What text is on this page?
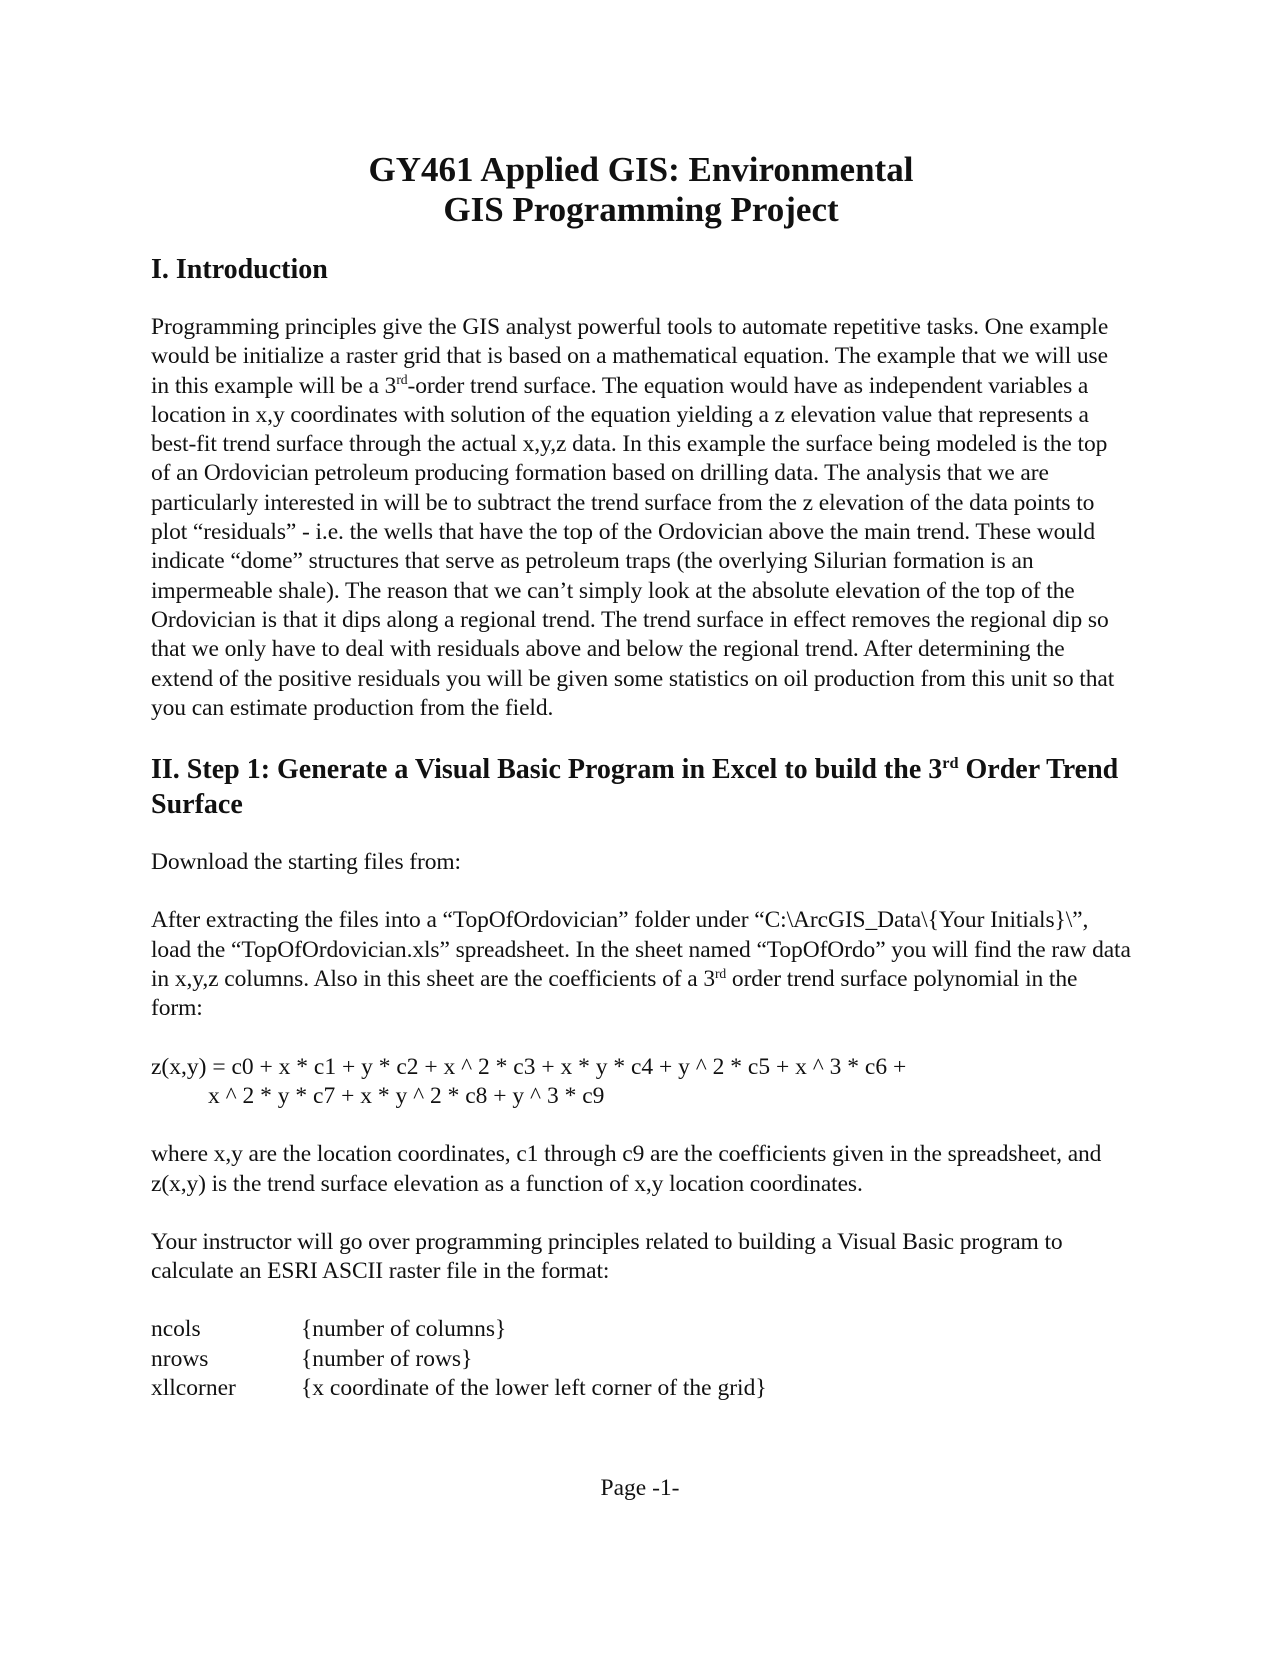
GY461 Applied GIS: Environmental
GIS Programming Project
I. Introduction

Programming principles give the GIS analyst powerful tools to automate repetitive tasks. One example would be initialize a raster grid that is based on a mathematical equation. The example that we will use in this example will be a 3rd-order trend surface. The equation would have as independent variables a location in x,y coordinates with solution of the equation yielding a z elevation value that represents a best-fit trend surface through the actual x,y,z data. In this example the surface being modeled is the top of an Ordovician petroleum producing formation based on drilling data. The analysis that we are particularly interested in will be to subtract the trend surface from the z elevation of the data points to plot “residuals” - i.e. the wells that have the top of the Ordovician above the main trend. These would indicate “dome” structures that serve as petroleum traps (the overlying Silurian formation is an impermeable shale). The reason that we can’t simply look at the absolute elevation of the top of the Ordovician is that it dips along a regional trend. The trend surface in effect removes the regional dip so that we only have to deal with residuals above and below the regional trend. After determining the extend of the positive residuals you will be given some statistics on oil production from this unit so that you can estimate production from the field.

II. Step 1: Generate a Visual Basic Program in Excel to build the 3rd Order Trend Surface

Download the starting files from:

After extracting the files into a “TopOfOrdovician” folder under “C:\ArcGIS_Data\{Your Initials}\”, load the “TopOfOrdovician.xls” spreadsheet. In the sheet named “TopOfOrdo” you will find the raw data in x,y,z columns. Also in this sheet are the coefficients of a 3rd order trend surface polynomial in the form:

z(x,y) = c0 + x * c1 + y * c2 + x ^ 2 * c3 + x * y * c4 + y ^ 2 * c5 + x ^ 3 * c6 +
x ^ 2 * y * c7 + x * y ^ 2 * c8 + y ^ 3 * c9

where x,y are the location coordinates, c1 through c9 are the coefficients given in the spreadsheet, and z(x,y) is the trend surface elevation as a function of x,y location coordinates.

Your instructor will go over programming principles related to building a Visual Basic program to calculate an ESRI ASCII raster file in the format:

ncols	{number of columns}
nrows	{number of rows}
xllcorner	{x coordinate of the lower left corner of the grid}
Page -1-
